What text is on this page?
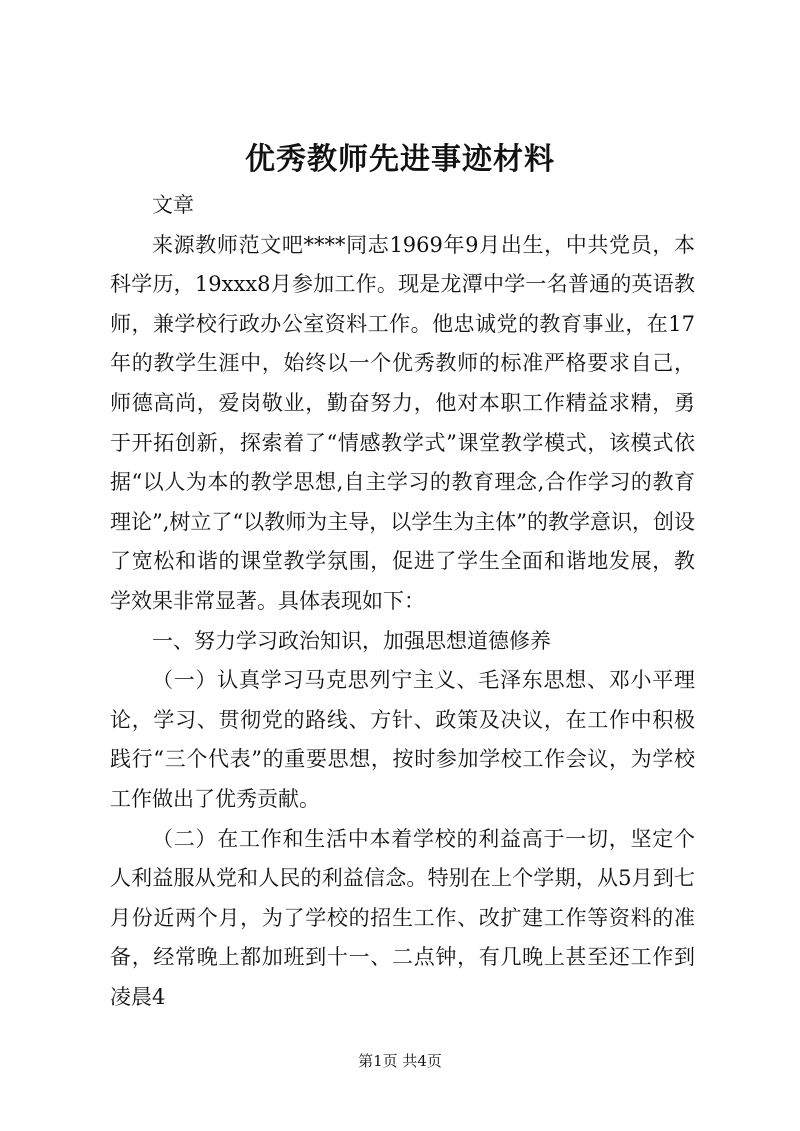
优秀教师先进事迹材料

文章

来源教师范文吧****同志1969年9月出生，中共党员，本科学历，19xxx8月参加工作。现是龙潭中学一名普通的英语教师，兼学校行政办公室资料工作。他忠诚党的教育事业，在17年的教学生涯中，始终以一个优秀教师的标准严格要求自己，师德高尚，爱岗敬业，勤奋努力，他对本职工作精益求精，勇于开拓创新，探索着了“情感教学式”课堂教学模式，该模式依据“以人为本的教学思想,自主学习的教育理念,合作学习的教育理论”,树立了“以教师为主导，以学生为主体”的教学意识，创设了宽松和谐的课堂教学氛围，促进了学生全面和谐地发展，教学效果非常显著。具体表现如下：

一、努力学习政治知识，加强思想道德修养

（一）认真学习马克思列宁主义、毛泽东思想、邓小平理论，学习、贯彻党的路线、方针、政策及决议，在工作中积极践行“三个代表”的重要思想，按时参加学校工作会议，为学校工作做出了优秀贡献。

（二）在工作和生活中本着学校的利益高于一切，坚定个人利益服从党和人民的利益信念。特别在上个学期，从5月到七月份近两个月，为了学校的招生工作、改扩建工作等资料的准备，经常晚上都加班到十一、二点钟，有几晚上甚至还工作到凌晨4

第1页 共4页
